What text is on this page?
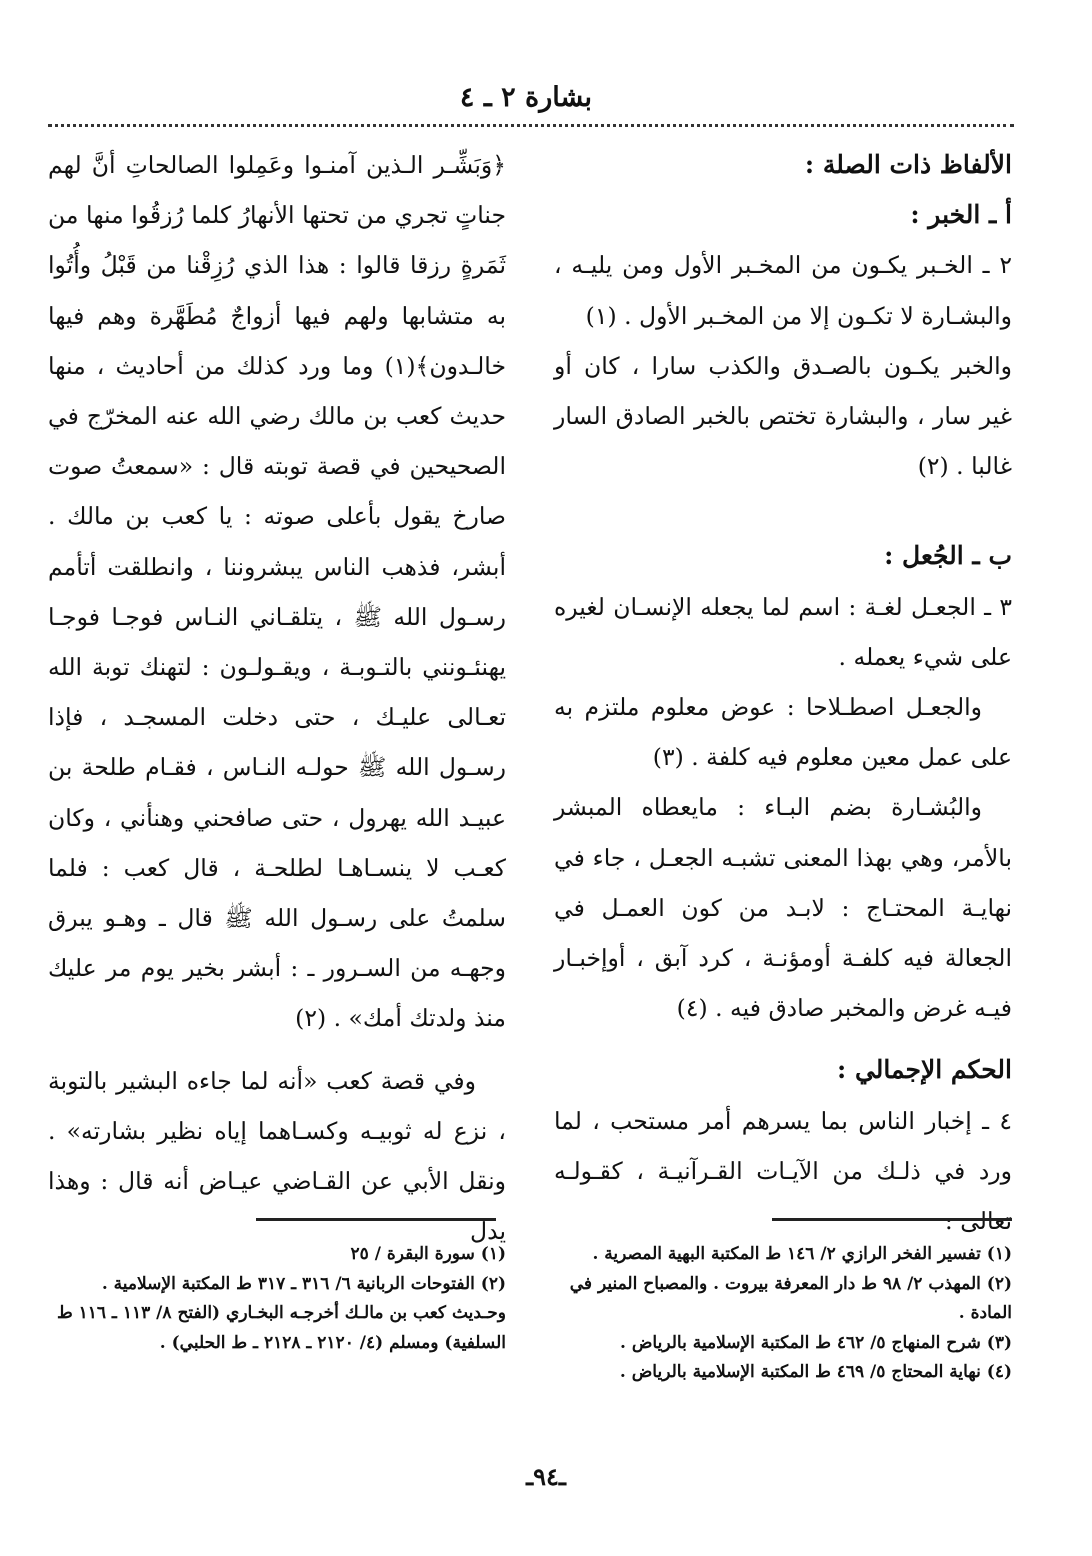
بشارة ٢ ـ ٤

الألفاظ ذات الصلة :

أ ـ الخبر :

٢ ـ الخـبر يكـون من المخـبر الأول ومن يليـه ، والبشـارة لا تكـون إلا من المخـبر الأول . (١)

والخبر يكـون بالصـدق والكذب سارا ، كان أو غير سار ، والبشارة تختص بالخبر الصادق السار غالبا . (٢)

ب ـ الجُعل :

٣ ـ الجعـل لغـة : اسم لما يجعله الإنسـان لغيره على شيء يعمله .

والجعـل اصطـلاحا : عوض معلوم ملتزم به على عمل معين معلوم فيه كلفة . (٣)

والبُشـارة بضم البـاء : مايعطاه المبشر بالأمر، وهي بهذا المعنى تشبـه الجعـل ، جاء في نهايـة المحتـاج : لابـد من كون العمـل في الجعالة فيه كلفـة أومؤنـة ، كرد آبق ، أوإخبـار فيـه غرض والمخبر صادق فيه . (٤)

الحكم الإجمالي :

٤ ـ إخبار الناس بما يسرهم أمر مستحب ، لما ورد في ذلـك من الآيـات القـرآنيـة ، كقـولـه تعالى :

﴿وَبَشِّـر الـذين آمنـوا وعَمِلوا الصالحاتِ أنَّ لهم جناتٍ تجري من تحتها الأنهارُ كلما رُزقُوا منها من ثَمَرةٍ رزقا قالوا : هذا الذي رُزِقْنا من قَبْلُ وأُتُوا به متشابها ولهم فيها أزواجٌ مُطَهَّرة وهم فيها خالـدون﴾(١) وما ورد كذلك من أحاديث ، منها حديث كعب بن مالك رضي الله عنه المخرّج في الصحيحين في قصة توبته قال : «سمعتُ صوت صارخ يقول بأعلى صوته : يا كعب بن مالك . أبشر، فذهب الناس يبشروننا ، وانطلقت أتأمم رسـول الله ﷺ ، يتلقـاني النـاس فوجـا فوجـا يهنئـونني بالتـوبـة ، ويقـولـون : لتهنك توبة الله تعـالى عليـك ، حتى دخلت المسجـد ، فإذا رسـول الله ﷺ حولـه النـاس ، فقـام طلحة بن عبيـد الله يهرول ، حتى صافحني وهنأني ، وكان كعـب لا ينسـاهـا لطلحـة ، قال كعب : فلما سلمتُ على رسـول الله ﷺ قال ـ وهـو يبرق وجهـه من السـرور ـ : أبشر بخير يوم مر عليك منذ ولدتك أمك» . (٢)

وفي قصة كعب «أنه لما جاءه البشير بالتوبة ، نزع له ثوبيـه وكسـاهما إياه نظير بشارته» . ونقل الأبي عن القـاضي عيـاض أنه قال : وهذا يدل

(١) تفسير الفخر الرازي ٢/ ١٤٦ ط المكتبة البهية المصرية .

(٢) المهذب ٢/ ٩٨ ط دار المعرفة بيروت . والمصباح المنير في المادة .

(٣) شرح المنهاج ٥/ ٤٦٢ ط المكتبة الإسلامية بالرياض .

(٤) نهاية المحتاج ٥/ ٤٦٩ ط المكتبة الإسلامية بالرياض .

(١) سورة البقرة / ٢٥

(٢) الفتوحات الربانية ٦/ ٣١٦ ـ ٣١٧ ط المكتبة الإسلامية .

وحـديث كعب بن مالـك أخرجـه البخـاري (الفتح ٨/ ١١٣ ـ ١١٦ ط السلفية) ومسلم (٤/ ٢١٢٠ ـ ٢١٢٨ ـ ط الحلبي) .

ـ٩٤ـ
